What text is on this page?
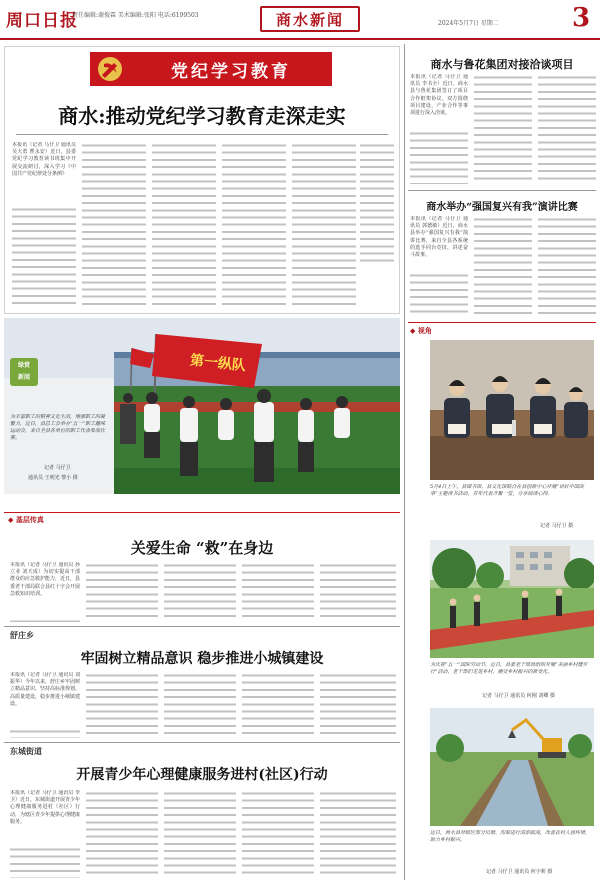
周口日报
责任编辑:谢俊霖 美术编辑:张阳 电话:6199503	商水新闻	2024年5月7日 星期二	3
党纪学习教育
商水:推动党纪学习教育走深走实
本报讯（记者 马仔卫 通讯员 吴大勇 曹永安）近日，县委党纪学习教育读书班集中开展交流研讨，深入学习《中国共产党纪律处分条例》
第一纵队
绿赏
新闻
为丰富职工的精神文化生活，增强职工的凝聚力，近日，县总工会举办“五一”职工趣味运动会，来自全县各单位的职工代表参加比赛。
记者 马仔卫
通讯员 王明光 黎小 摄
◆ 基层传真
关爱生命 “救”在身边
本报讯（记者 马仔卫 通讯员 孙立业 刘天成）为切实提高干部群众的应急救护能力，近日，县委老干部局联合县红十字会开展急救知识培训。
舒庄乡
牢固树立精品意识 稳步推进小城镇建设
本报讯（记者 马仔卫 通讯员 刘振华）今年以来，舒庄乡牢固树立精品意识，坚持高标准规划、高质量建设，稳步推进小城镇建设。
东城街道
开展青少年心理健康服务进村(社区)行动
本报讯（记者 马仔卫 通讯员 李卫）近日，东城街道开展青少年心理健康服务进村（社区）行动，为辖区青少年提供心理健康服务。
商水与鲁花集团对接洽谈项目
本报讯（记者 马仔卫 通讯员 李书全）近日，商水县与鲁花集团签订了项目合作框架协议。双方围绕项目建设、产业合作等事项进行深入洽谈。
商水举办“强国复兴有我”演讲比赛
本报讯（记者 马仔卫 通讯员 郭德敏）近日，商水县举办“强国复兴有我”演讲比赛，来自全县各系统的选手同台竞技，讲述奋斗故事。
◆ 视角
5月4日上午，县图书馆、县文化馆联合在县创新中心开展“讲好中国故事”主题读书活动，青年代表齐聚一堂，分享阅读心得。
记者 马仔卫 摄
为庆祝“五一”国际劳动节，近日，县委老干部局组织开展“美丽乡村健步行”活动，老干部们走进乡村，感受乡村振兴的新变化。
记者 马仔卫 通讯员 何刚 刘卿 摄
近日，商水县对辖区部分坑塘、沟渠进行清淤疏浚，改善农村人居环境，助力乡村振兴。
记者 马仔卫 通讯员 何宇莉 摄
